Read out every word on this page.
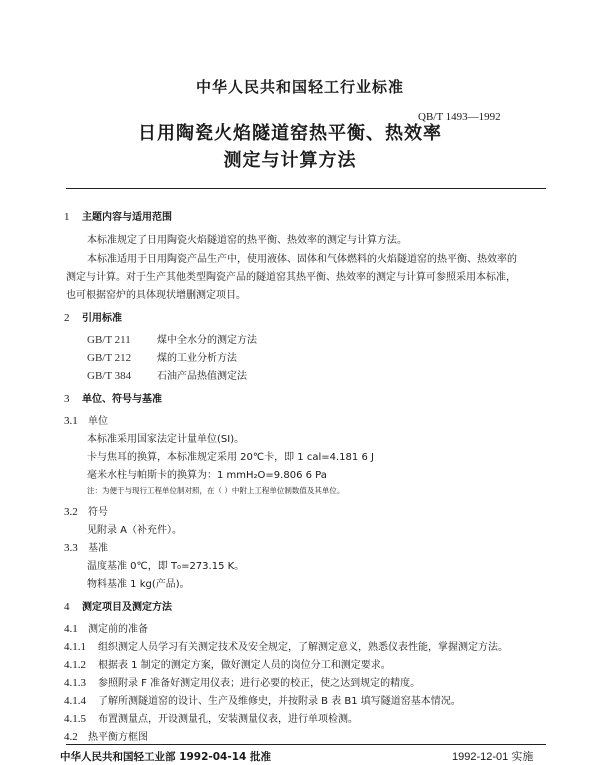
中华人民共和国轻工行业标准
QB/T 1493—1992
日用陶瓷火焰隧道窑热平衡、热效率
测定与计算方法
1 主题内容与适用范围
本标准规定了日用陶瓷火焰隧道窑的热平衡、热效率的测定与计算方法。
本标准适用于日用陶瓷产品生产中，使用液体、固体和气体燃料的火焰隧道窑的热平衡、热效率的
测定与计算。对于生产其他类型陶瓷产品的隧道窑其热平衡、热效率的测定与计算可参照采用本标准，
也可根据窑炉的具体现状增删测定项目。
2 引用标准
GB/T 211	煤中全水分的测定方法
GB/T 212	煤的工业分析方法
GB/T 384	石油产品热值测定法
3 单位、符号与基准
3.1 单位
本标准采用国家法定计量单位(SI)。
卡与焦耳的换算，本标准规定采用 20℃卡，即 1 cal=4.181 6 J
毫米水柱与帕斯卡的换算为：1 mmH₂O=9.806 6 Pa
注：为便于与现行工程单位制对照，在（ ）中附上工程单位制数值及其单位。
3.2 符号
见附录 A（补充件）。
3.3 基准
温度基准 0℃，即 T₀=273.15 K。
物料基准 1 kg(产品)。
4 测定项目及测定方法
4.1 测定前的准备
4.1.1 组织测定人员学习有关测定技术及安全规定，了解测定意义，熟悉仪表性能，掌握测定方法。
4.1.2 根据表 1 制定的测定方案，做好测定人员的岗位分工和测定要求。
4.1.3 参照附录 F 准备好测定用仪表；进行必要的校正，使之达到规定的精度。
4.1.4 了解所测隧道窑的设计、生产及维修史，并按附录 B 表 B1 填写隧道窑基本情况。
4.1.5 布置测量点，开设测量孔，安装测量仪表，进行单项检测。
4.2 热平衡方框图
中华人民共和国轻工业部 1992-04-14 批准	1992-12-01 实施
